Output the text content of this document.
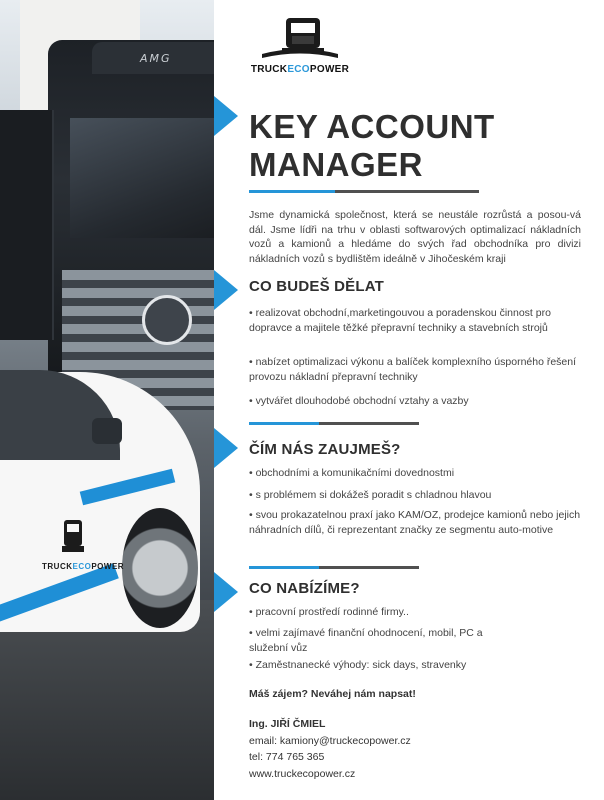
AMG
TRUCKECOPOWER
TRUCKECOPOWER
KEY ACCOUNT
MANAGER
Jsme dynamická společnost, která se neustále rozrůstá a posou-vá dál. Jsme lídři na trhu v oblasti softwarových optimalizací nákladních vozů a kamionů a hledáme do svých řad obchodníka pro divizi nákladních vozů s bydlištěm ideálně v Jihočeském kraji
CO BUDEŠ DĚLAT
• realizovat obchodní,marketingouvou a poradenskou činnost pro dopravce a majitele těžké přepravní techniky a stavebních strojů
• nabízet optimalizaci výkonu a balíček komplexního úsporného řešení provozu nákladní přepravní techniky
• vytvářet dlouhodobé obchodní vztahy a vazby
ČÍM NÁS ZAUJMEŠ?
• obchodními a komunikačními dovednostmi
• s problémem si dokážeš poradit s chladnou hlavou
• svou prokazatelnou praxí jako KAM/OZ, prodejce kamionů nebo jejich náhradních dílů, či reprezentant značky ze segmentu auto-motive
CO NABÍZÍME?
• pracovní prostředí rodinné firmy..
• velmi zajímavé finanční ohodnocení, mobil, PC a služební vůz
• Zaměstnanecké výhody: sick days, stravenky
Máš zájem? Neváhej nám napsat!
Ing. JIŘÍ ČMIEL
email: kamiony@truckecopower.cz
tel: 774 765 365
www.truckecopower.cz
